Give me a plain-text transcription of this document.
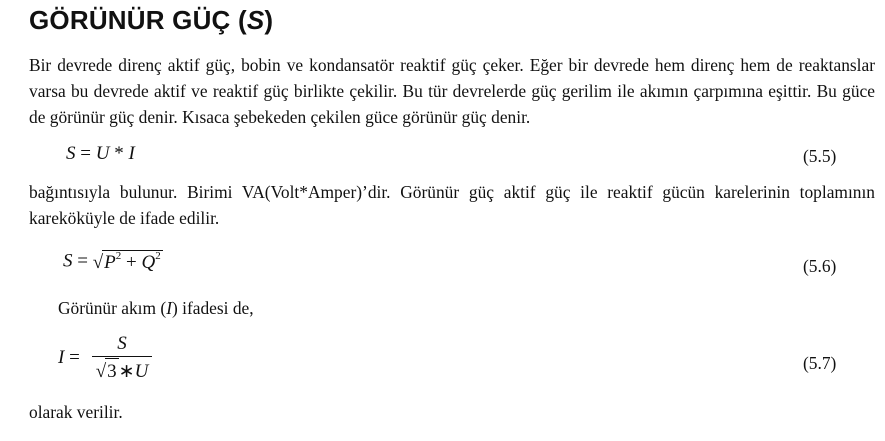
GÖRÜNÜR GÜÇ (S)
Bir devrede direnç aktif güç, bobin ve kondansatör reaktif güç çeker. Eğer bir devrede hem direnç hem de reaktanslar varsa bu devrede aktif ve reaktif güç birlikte çekilir. Bu tür devrelerde güç gerilim ile akımın çarpımına eşittir. Bu güce de görünür güç denir. Kısaca şebekeden çekilen güce görünür güç denir.
S = U * I	(5.5)
bağıntısıyla bulunur. Birimi VA(Volt*Amper)’dir. Görünür güç aktif güç ile reaktif gücün karelerinin toplamının kareköküyle de ifade edilir.
$S = √P^2 + Q^2$	(5.6)
Görünür akım (I) ifadesi de,
I =
S
√3 ∗U	(5.7)
olarak verilir.
